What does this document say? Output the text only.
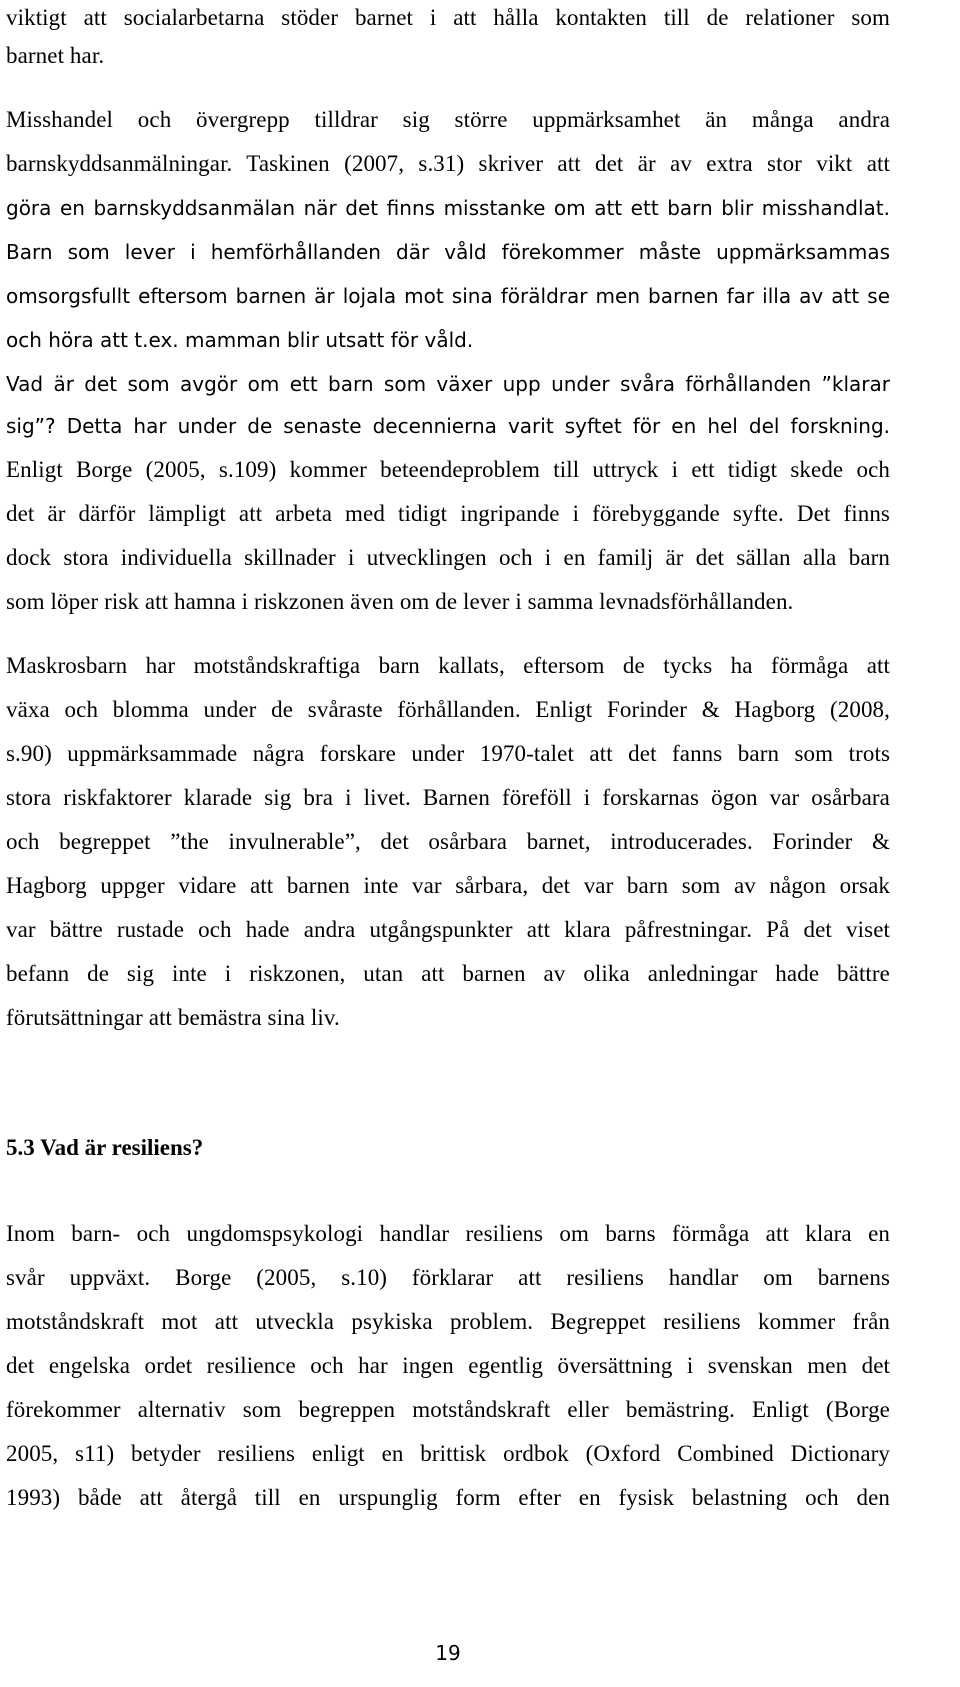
viktigt att socialarbetarna stöder barnet i att hålla kontakten till de relationer som
barnet har.
Misshandel och övergrepp tilldrar sig större uppmärksamhet än många andra
barnskyddsanmälningar. Taskinen (2007, s.31) skriver att det är av extra stor vikt att
göra en barnskyddsanmälan när det finns misstanke om att ett barn blir misshandlat.
Barn som lever i hemförhållanden där våld förekommer måste uppmärksammas
omsorgsfullt eftersom barnen är lojala mot sina föräldrar men barnen far illa av att se
och höra att t.ex. mamman blir utsatt för våld.
Vad är det som avgör om ett barn som växer upp under svåra förhållanden ”klarar
sig”? Detta har under de senaste decennierna varit syftet för en hel del forskning.
Enligt Borge (2005, s.109) kommer beteendeproblem till uttryck i ett tidigt skede och
det är därför lämpligt att arbeta med tidigt ingripande i förebyggande syfte. Det finns
dock stora individuella skillnader i utvecklingen och i en familj är det sällan alla barn
som löper risk att hamna i riskzonen även om de lever i samma levnadsförhållanden.
Maskrosbarn har motståndskraftiga barn kallats, eftersom de tycks ha förmåga att
växa och blomma under de svåraste förhållanden. Enligt Forinder & Hagborg (2008,
s.90) uppmärksammade några forskare under 1970-talet att det fanns barn som trots
stora riskfaktorer klarade sig bra i livet. Barnen föreföll i forskarnas ögon var osårbara
och begreppet ”the invulnerable”, det osårbara barnet, introducerades. Forinder &
Hagborg uppger vidare att barnen inte var sårbara, det var barn som av någon orsak
var bättre rustade och hade andra utgångspunkter att klara påfrestningar. På det viset
befann de sig inte i riskzonen, utan att barnen av olika anledningar hade bättre
förutsättningar att bemästra sina liv.
5.3 Vad är resiliens?
Inom barn- och ungdomspsykologi handlar resiliens om barns förmåga att klara en
svår uppväxt. Borge (2005, s.10) förklarar att resiliens handlar om barnens
motståndskraft mot att utveckla psykiska problem. Begreppet resiliens kommer från
det engelska ordet resilience och har ingen egentlig översättning i svenskan men det
förekommer alternativ som begreppen motståndskraft eller bemästring. Enligt (Borge
2005, s11) betyder resiliens enligt en brittisk ordbok (Oxford Combined Dictionary
1993) både att återgå till en urspunglig form efter en fysisk belastning och den
19
